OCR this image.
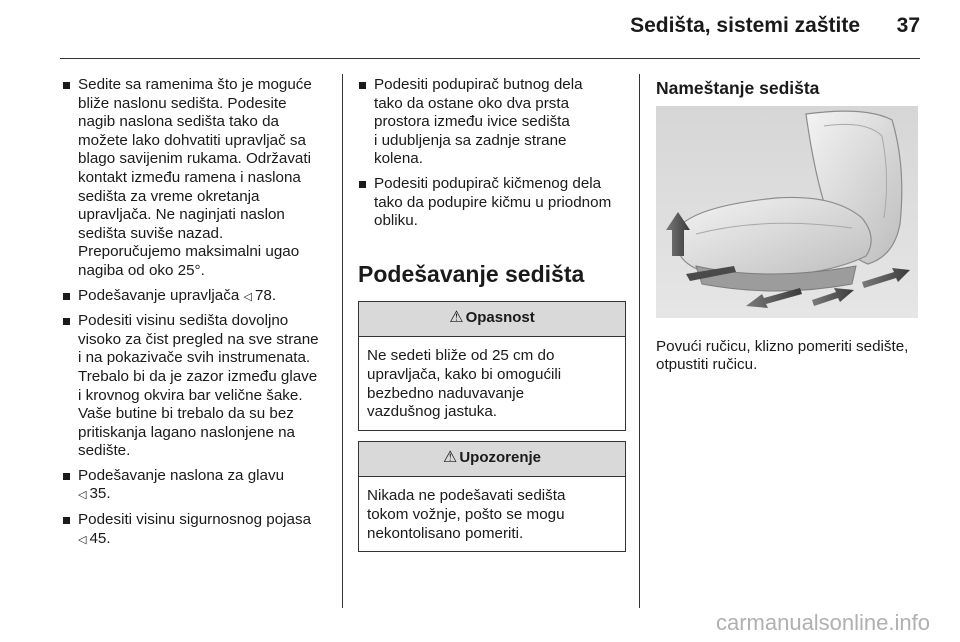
Sedišta, sistemi zaštite	37
Sedite sa ramenima što je moguće
bliže naslonu sedišta. Podesite
nagib naslona sedišta tako da
možete lako dohvatiti upravljač sa
blago savijenim rukama. Održavati
kontakt između ramena i naslona
sedišta za vreme okretanja
upravljača. Ne naginjati naslon
sedišta suviše nazad.
Preporučujemo maksimalni ugao
nagiba od oko 25°.
Podešavanje upravljača ◁ 78.
Podesiti visinu sedišta dovoljno
visoko za čist pregled na sve strane
i na pokazivače svih instrumenata.
Trebalo bi da je zazor između glave
i krovnog okvira bar velične šake.
Vaše butine bi trebalo da su bez
pritiskanja lagano naslonjene na
sedište.
Podešavanje naslona za glavu
◁ 35.
Podesiti visinu sigurnosnog pojasa
◁ 45.
Podesiti podupirač butnog dela
tako da ostane oko dva prsta
prostora između ivice sedišta
i udubljenja sa zadnje strane
kolena.
Podesiti podupirač kičmenog dela
tako da podupire kičmu u priodnom
obliku.
Podešavanje sedišta
⚠ Opasnost
Ne sedeti bliže od 25 cm do
upravljača, kako bi omogućili
bezbedno naduvavanje
vazdušnog jastuka.
⚠ Upozorenje
Nikada ne podešavati sedišta
tokom vožnje, pošto se mogu
nekontolisano pomeriti.
Nameštanje sedišta
Povući ručicu, klizno pomeriti sedište,
otpustiti ručicu.
carmanualsonline.info
